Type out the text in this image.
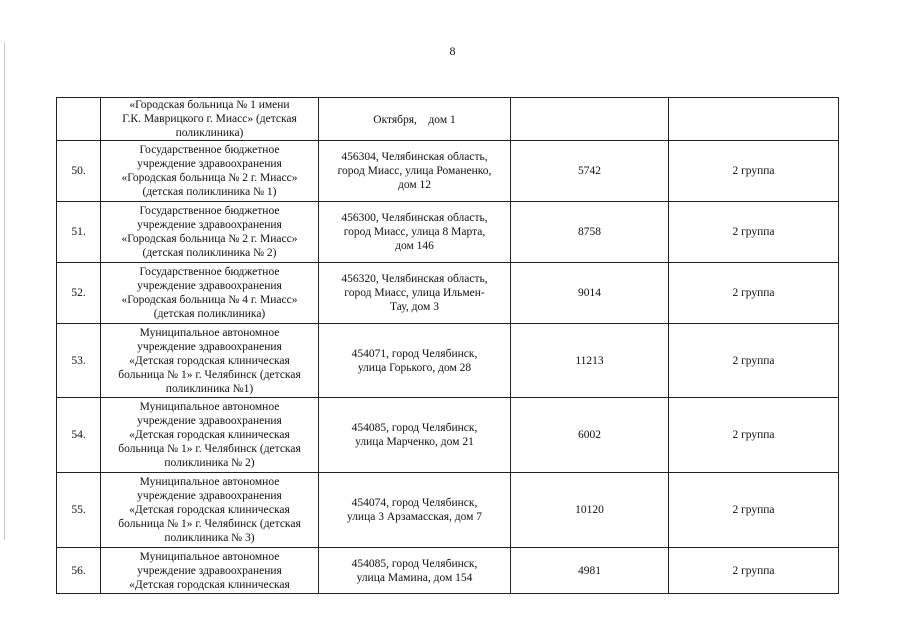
8

	«Городская больница № 1 имени
Г.К. Маврицкого г. Миасс» (детская
поликлиника)	Октября,    дом 1		

50.	Государственное бюджетное
учреждение здравоохранения
«Городская больница № 2 г. Миасс»
(детская поликлиника № 1)	456304, Челябинская область,
город Миасс, улица Романенко,
дом 12	5742	2 группа
51.	Государственное бюджетное
учреждение здравоохранения
«Городская больница № 2 г. Миасс»
(детская поликлиника № 2)	456300, Челябинская область,
город Миасс, улица 8 Марта,
дом 146	8758	2 группа
52.	Государственное бюджетное
учреждение здравоохранения
«Городская больница № 4 г. Миасс»
(детская поликлиника)	456320, Челябинская область,
город Миасс, улица Ильмен-
Тау, дом 3	9014	2 группа
53.	Муниципальное автономное
учреждение здравоохранения
«Детская городская клиническая
больница № 1» г. Челябинск (детская
поликлиника №1)	454071, город Челябинск,
улица Горького, дом 28	11213	2 группа
54.	Муниципальное автономное
учреждение здравоохранения
«Детская городская клиническая
больница № 1» г. Челябинск (детская
поликлиника № 2)	454085, город Челябинск,
улица Марченко, дом 21	6002	2 группа
55.	Муниципальное автономное
учреждение здравоохранения
«Детская городская клиническая
больница № 1» г. Челябинск (детская
поликлиника № 3)	454074, город Челябинск,
улица 3 Арзамасская, дом 7	10120	2 группа
56.	Муниципальное автономное
учреждение здравоохранения
«Детская городская клиническая	454085, город Челябинск,
улица Мамина, дом 154	4981	2 группа
